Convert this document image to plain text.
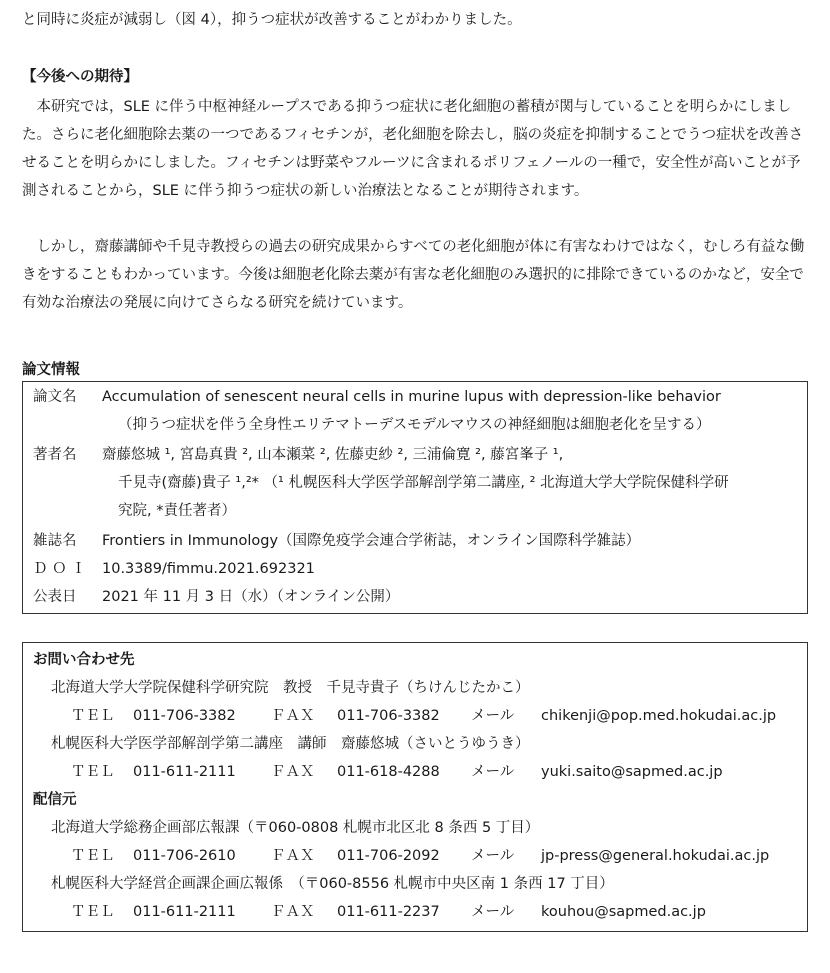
と同時に炎症が減弱し（図 4），抑うつ症状が改善することがわかりました。

【今後への期待】

本研究では，SLE に伴う中枢神経ループスである抑うつ症状に老化細胞の蓄積が関与していることを明らかにしました。さらに老化細胞除去薬の一つであるフィセチンが，老化細胞を除去し，脳の炎症を抑制することでうつ症状を改善させることを明らかにしました。フィセチンは野菜やフルーツに含まれるポリフェノールの一種で，安全性が高いことが予測されることから，SLE に伴う抑うつ症状の新しい治療法となることが期待されます。

しかし，齋藤講師や千見寺教授らの過去の研究成果からすべての老化細胞が体に有害なわけではなく，むしろ有益な働きをすることもわかっています。今後は細胞老化除去薬が有害な老化細胞のみ選択的に排除できているのかなど，安全で有効な治療法の発展に向けてさらなる研究を続けています。

論文情報
論文名	Accumulation of senescent neural cells in murine lupus with depression-like behavior
（抑うつ症状を伴う全身性エリテマトーデスモデルマウスの神経細胞は細胞老化を呈する）
著者名	齋藤悠城 ¹, 宮島真貴 ², 山本瀬菜 ², 佐藤吏紗 ², 三浦倫寛 ², 藤宮峯子 ¹,
千見寺(齋藤)貴子 ¹,²* （¹ 札幌医科大学医学部解剖学第二講座, ² 北海道大学大学院保健科学研
究院, *責任著者）
雑誌名	Frontiers in Immunology（国際免疫学会連合学術誌，オンライン国際科学雑誌）
Ｄ Ｏ Ｉ	10.3389/fimmu.2021.692321
公表日	2021 年 11 月 3 日（水）（オンライン公開）
お問い合わせ先
北海道大学大学院保健科学研究院　教授　千見寺貴子（ちけんじたかこ）
ＴＥＬ 011-706-3382 ＦＡＸ 011-706-3382 メール chikenji@pop.med.hokudai.ac.jp
札幌医科大学医学部解剖学第二講座　講師　齋藤悠城（さいとうゆうき）
ＴＥＬ 011-611-2111 ＦＡＸ 011-618-4288 メール yuki.saito@sapmed.ac.jp
配信元
北海道大学総務企画部広報課（〒060-0808 札幌市北区北 8 条西 5 丁目）
ＴＥＬ 011-706-2610 ＦＡＸ 011-706-2092 メール jp-press@general.hokudai.ac.jp
札幌医科大学経営企画課企画広報係　（〒060-8556 札幌市中央区南 1 条西 17 丁目）
ＴＥＬ 011-611-2111 ＦＡＸ 011-611-2237 メール kouhou@sapmed.ac.jp
